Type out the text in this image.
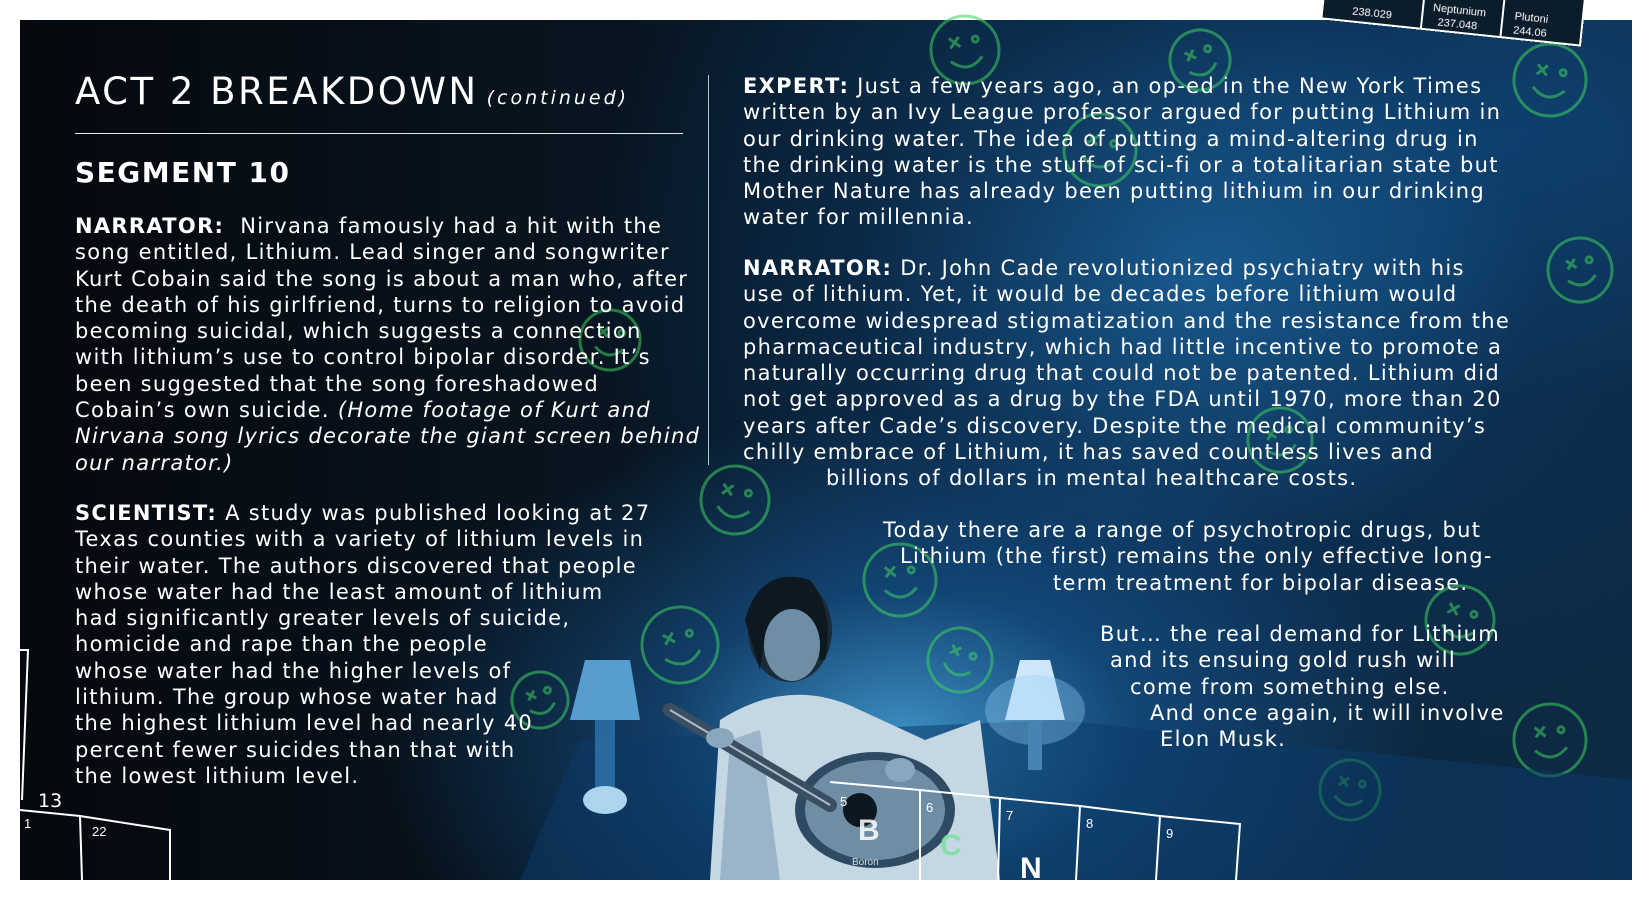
238.029	Neptunium
237.048	Plutoni
244.06
1
22
5
B
Boron
6
C
7
N
8
9
ACT 2 BREAKDOWN (continued)
SEGMENT 10
NARRATOR: Nirvana famously had a hit with the
song entitled, Lithium. Lead singer and songwriter
Kurt Cobain said the song is about a man who, after
the death of his girlfriend, turns to religion to avoid
becoming suicidal, which suggests a connection
with lithium’s use to control bipolar disorder. It’s
been suggested that the song foreshadowed
Cobain’s own suicide. (Home footage of Kurt and
Nirvana song lyrics decorate the giant screen behind
our narrator.)
SCIENTIST: A study was published looking at 27
Texas counties with a variety of lithium levels in
their water. The authors discovered that people
whose water had the least amount of lithium
had significantly greater levels of suicide,
homicide and rape than the people
whose water had the higher levels of
lithium. The group whose water had
the highest lithium level had nearly 40
percent fewer suicides than that with
the lowest lithium level.
EXPERT: Just a few years ago, an op-ed in the New York Times
written by an Ivy League professor argued for putting Lithium in
our drinking water. The idea of putting a mind-altering drug in
the drinking water is the stuff of sci-fi or a totalitarian state but
Mother Nature has already been putting lithium in our drinking
water for millennia.
NARRATOR: Dr. John Cade revolutionized psychiatry with his
use of lithium. Yet, it would be decades before lithium would
overcome widespread stigmatization and the resistance from the
pharmaceutical industry, which had little incentive to promote a
naturally occurring drug that could not be patented. Lithium did
not get approved as a drug by the FDA until 1970, more than 20
years after Cade’s discovery. Despite the medical community’s
chilly embrace of Lithium, it has saved countless lives and
billions of dollars in mental healthcare costs.
Today there are a range of psychotropic drugs, but
Lithium (the first) remains the only effective long-
term treatment for bipolar disease.
But… the real demand for Lithium
and its ensuing gold rush will
come from something else.
And once again, it will involve
Elon Musk.
13
